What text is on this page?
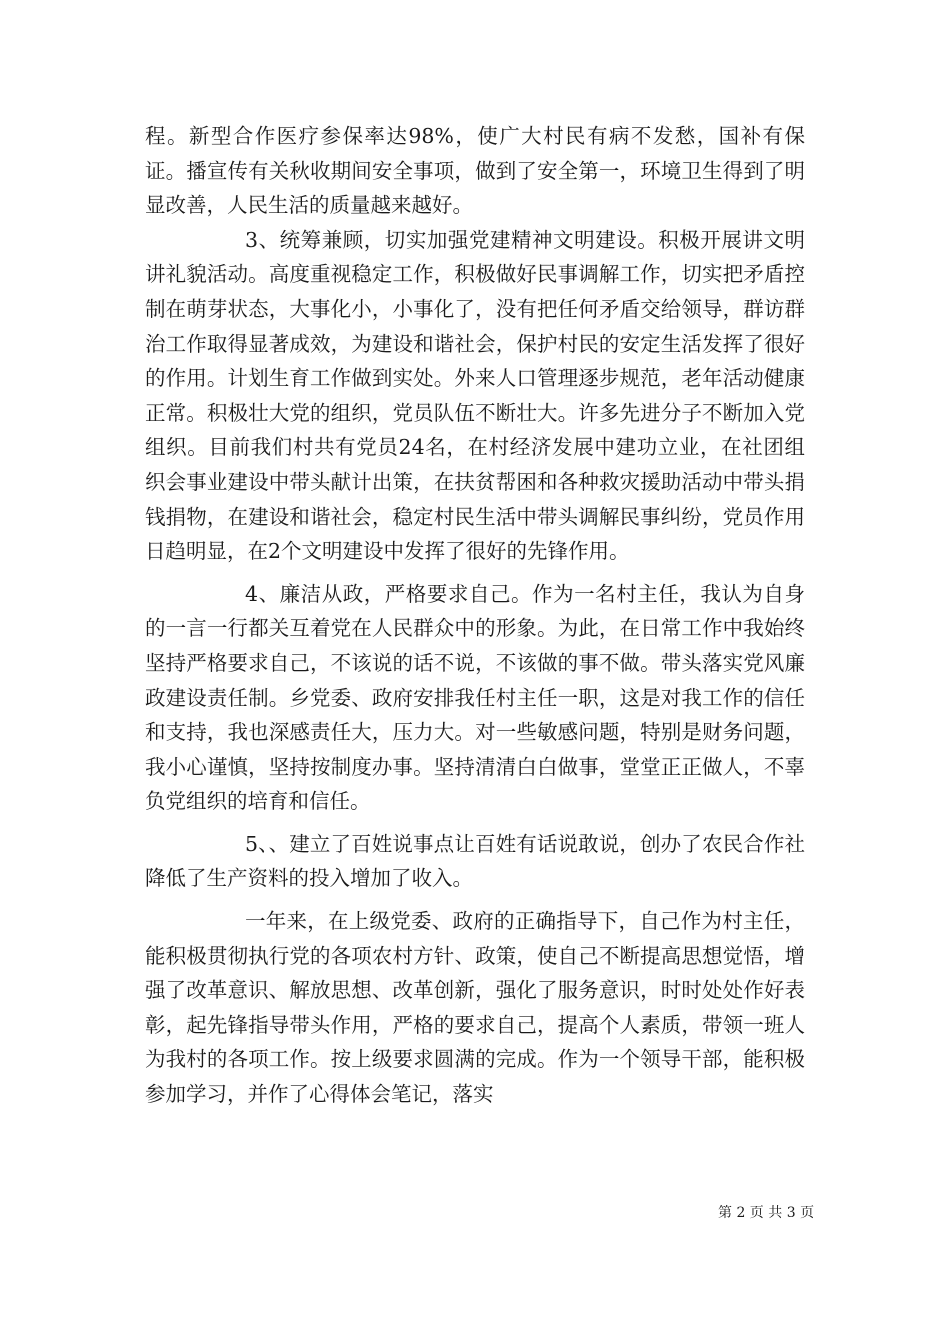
程。新型合作医疗参保率达98%，使广大村民有病不发愁，国补有保证。播宣传有关秋收期间安全事项，做到了安全第一，环境卫生得到了明显改善，人民生活的质量越来越好。

3、统筹兼顾，切实加强党建精神文明建设。积极开展讲文明讲礼貌活动。高度重视稳定工作，积极做好民事调解工作，切实把矛盾控制在萌芽状态，大事化小，小事化了，没有把任何矛盾交给领导，群访群治工作取得显著成效，为建设和谐社会，保护村民的安定生活发挥了很好的作用。计划生育工作做到实处。外来人口管理逐步规范，老年活动健康正常。积极壮大党的组织，党员队伍不断壮大。许多先进分子不断加入党组织。目前我们村共有党员24名，在村经济发展中建功立业，在社团组织会事业建设中带头献计出策，在扶贫帮困和各种救灾援助活动中带头捐钱捐物，在建设和谐社会，稳定村民生活中带头调解民事纠纷，党员作用日趋明显，在2个文明建设中发挥了很好的先锋作用。

4、廉洁从政，严格要求自己。作为一名村主任，我认为自身的一言一行都关互着党在人民群众中的形象。为此，在日常工作中我始终坚持严格要求自己，不该说的话不说，不该做的事不做。带头落实党风廉政建设责任制。乡党委、政府安排我任村主任一职，这是对我工作的信任和支持，我也深感责任大，压力大。对一些敏感问题，特别是财务问题，我小心谨慎，坚持按制度办事。坚持清清白白做事，堂堂正正做人，不辜负党组织的培育和信任。

5、、建立了百姓说事点让百姓有话说敢说，创办了农民合作社降低了生产资料的投入增加了收入。

一年来，在上级党委、政府的正确指导下，自己作为村主任，能积极贯彻执行党的各项农村方针、政策，使自己不断提高思想觉悟，增强了改革意识、解放思想、改革创新，强化了服务意识，时时处处作好表彰，起先锋指导带头作用，严格的要求自己，提高个人素质，带领一班人为我村的各项工作。按上级要求圆满的完成。作为一个领导干部，能积极参加学习，并作了心得体会笔记，落实

第 2 页 共 3 页
